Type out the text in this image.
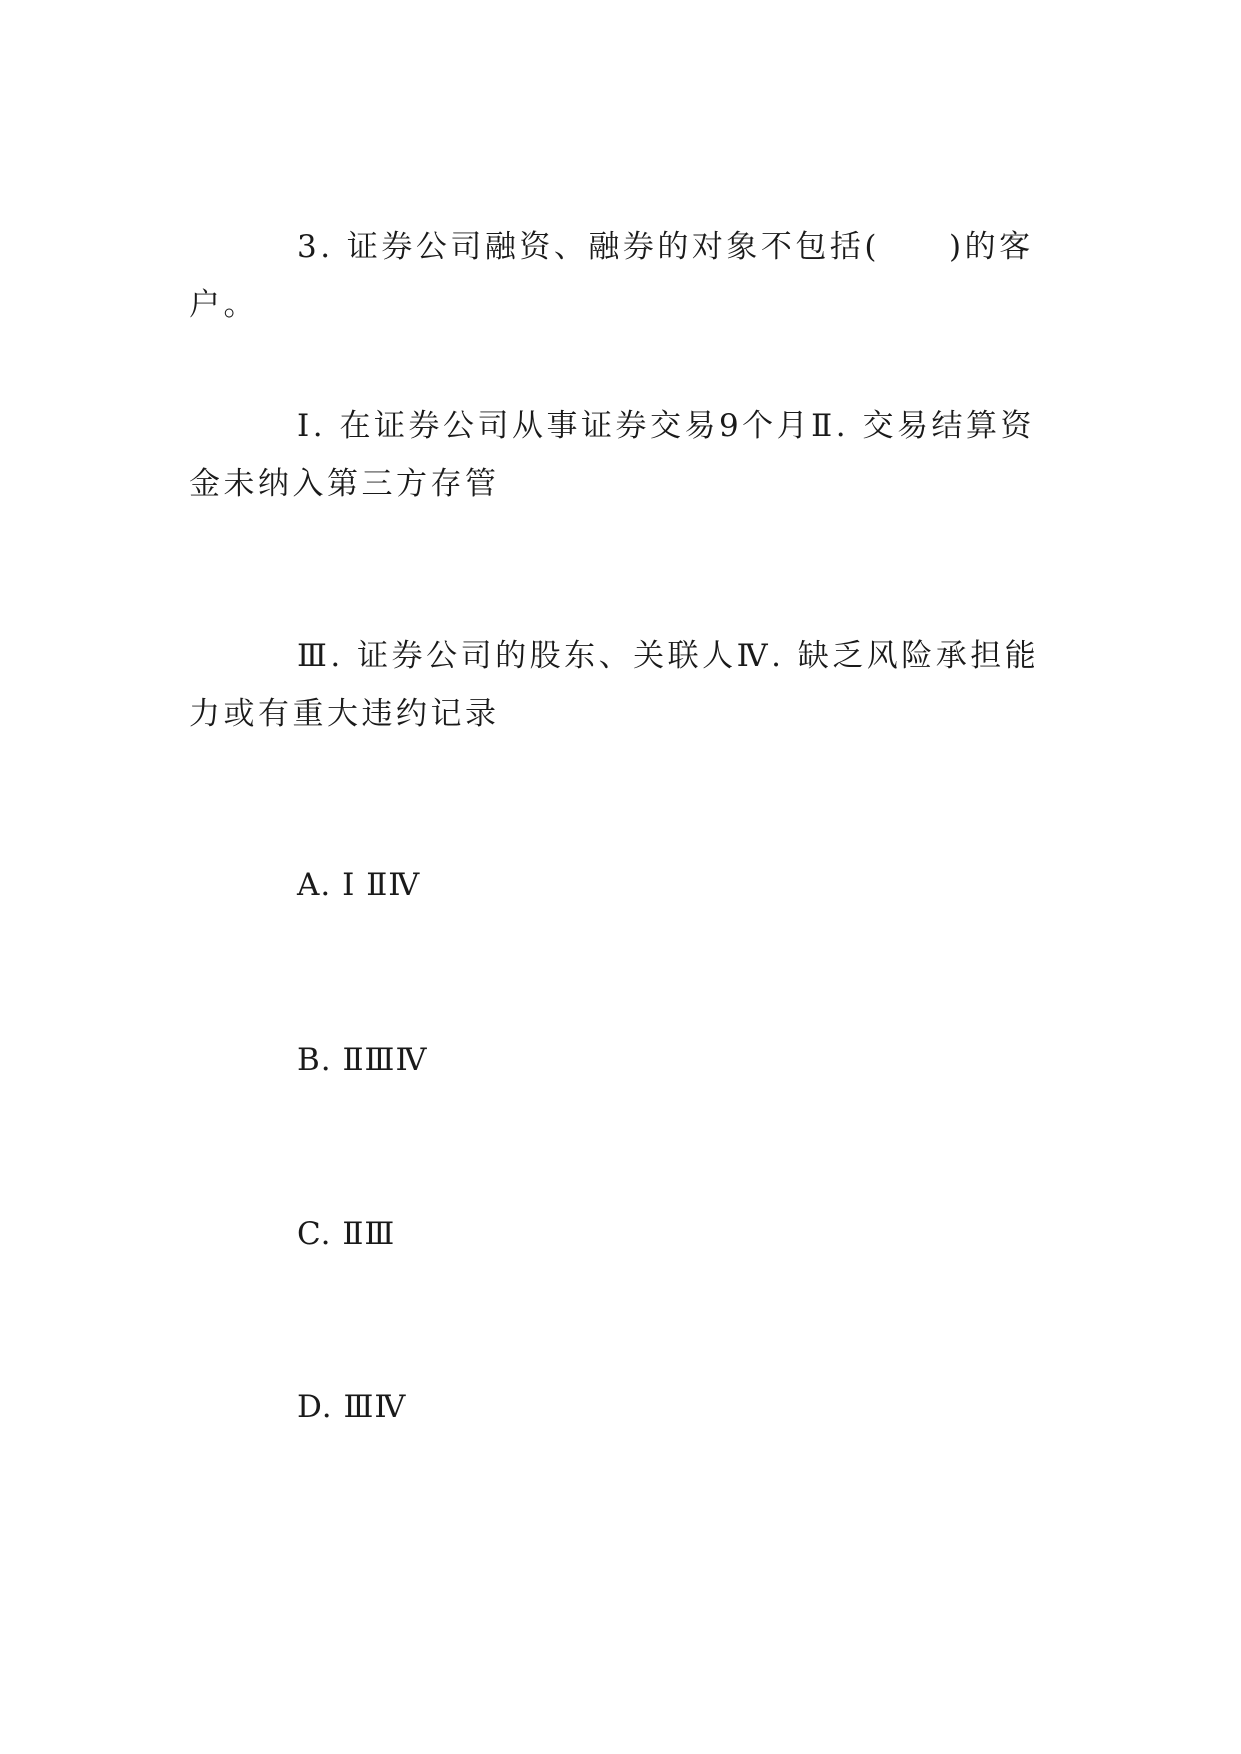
3. 证券公司融资、融券的对象不包括(　　)的客户。

Ⅰ. 在证券公司从事证券交易9个月Ⅱ. 交易结算资金未纳入第三方存管

Ⅲ. 证券公司的股东、关联人Ⅳ. 缺乏风险承担能力或有重大违约记录

A. Ⅰ ⅡⅣ

B. ⅡⅢⅣ

C. ⅡⅢ

D. ⅢⅣ
